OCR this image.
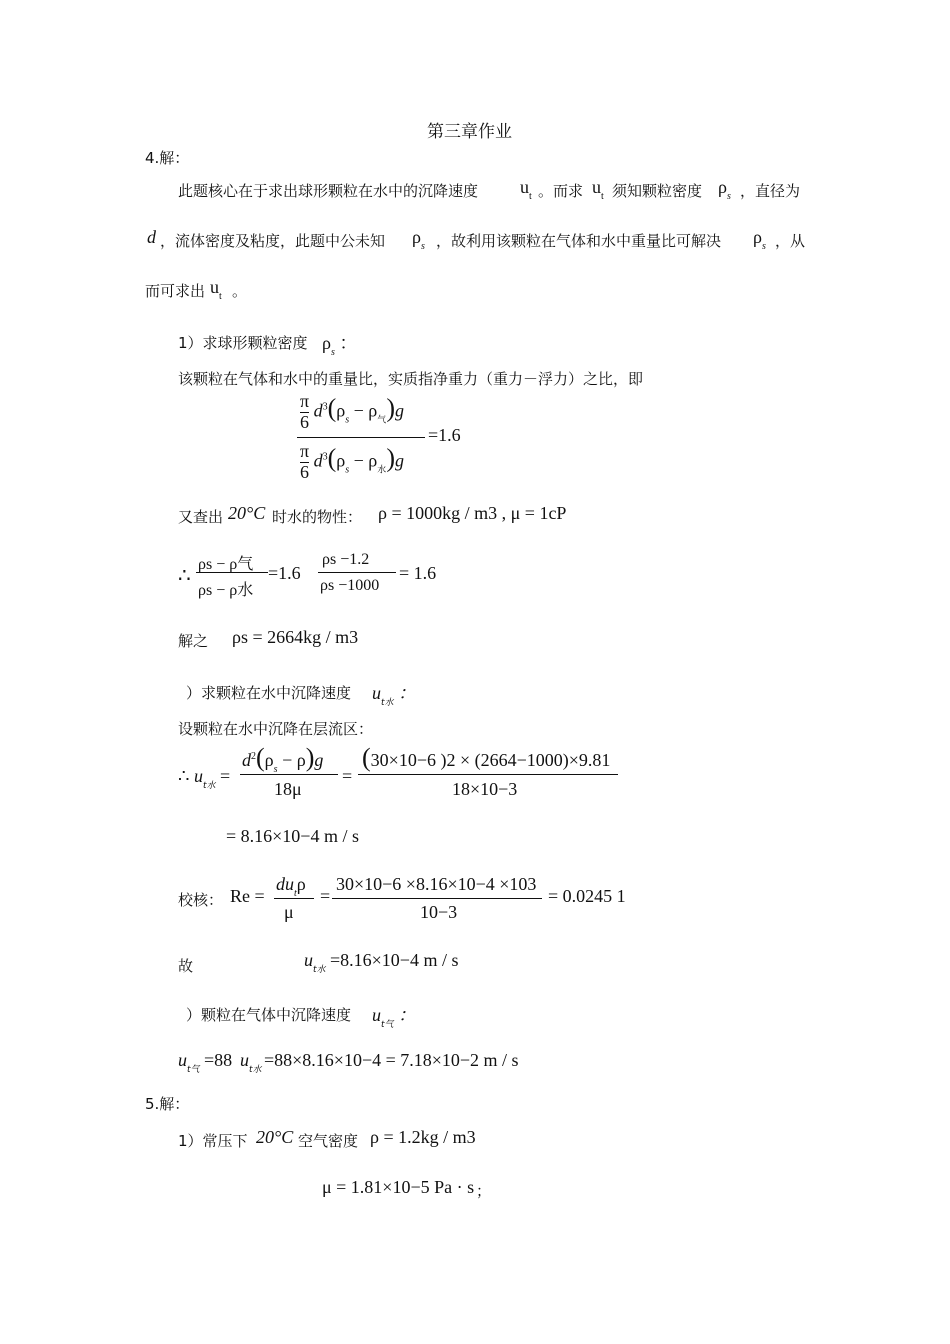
第三章作业
4.解：
此题核心在于求出球形颗粒在水中的沉降速度 $u_t$ 。而求 $u_t$ 须知颗粒密度 $\rho_s$ ，直径为
d ，流体密度及粘度，此题中公未知 $\rho_s$ ，故利用该颗粒在气体和水中重量比可解决 $\rho_s$ ，从
而可求出 $u_t$ 。
1）求球形颗粒密度 $\rho_s$ ：
该颗粒在气体和水中的重量比，实质指净重力（重力－浮力）之比，即
π
6 $d^3(\rho_s - \rho_气)g$
=1.6
π
6 $d^3(\rho_s - \rho_水)g$
又查出 20°C 时水的物性： ρ = 1000kg / m3 , μ = 1cP
∴
ρs − ρ气
ρs − ρ水
=1.6
ρs −1.2
ρs −1000
= 1.6
解之 ρs = 2664kg / m3
）求颗粒在水中沉降速度 $u_{t水}$ ：
设颗粒在水中沉降在层流区：
∴ $u_{t水}$ =
$d^2(\rho_s - \rho)g$
18μ
=
(30×10−6 )2 × (2664−1000)×9.81
18×10−3
= 8.16×10−4 m / s
校核： Re =
$du_t\rho$
μ
=
30×10−6 ×8.16×10−4 ×103
10−3
= 0.0245 1
故	$u_{t水} =8.16\times 10-4$ m / s
）颗粒在气体中沉降速度 $u_{t气}$ ：
$u_{t气} =88$ $u_{t水} =88\times 8.16\times 10-4 = 7.18\times 10-2$ m / s
5.解：
1）常压下 20°C 空气密度 ρ = 1.2kg / m3
μ = 1.81×10−5 Pa · s ；
